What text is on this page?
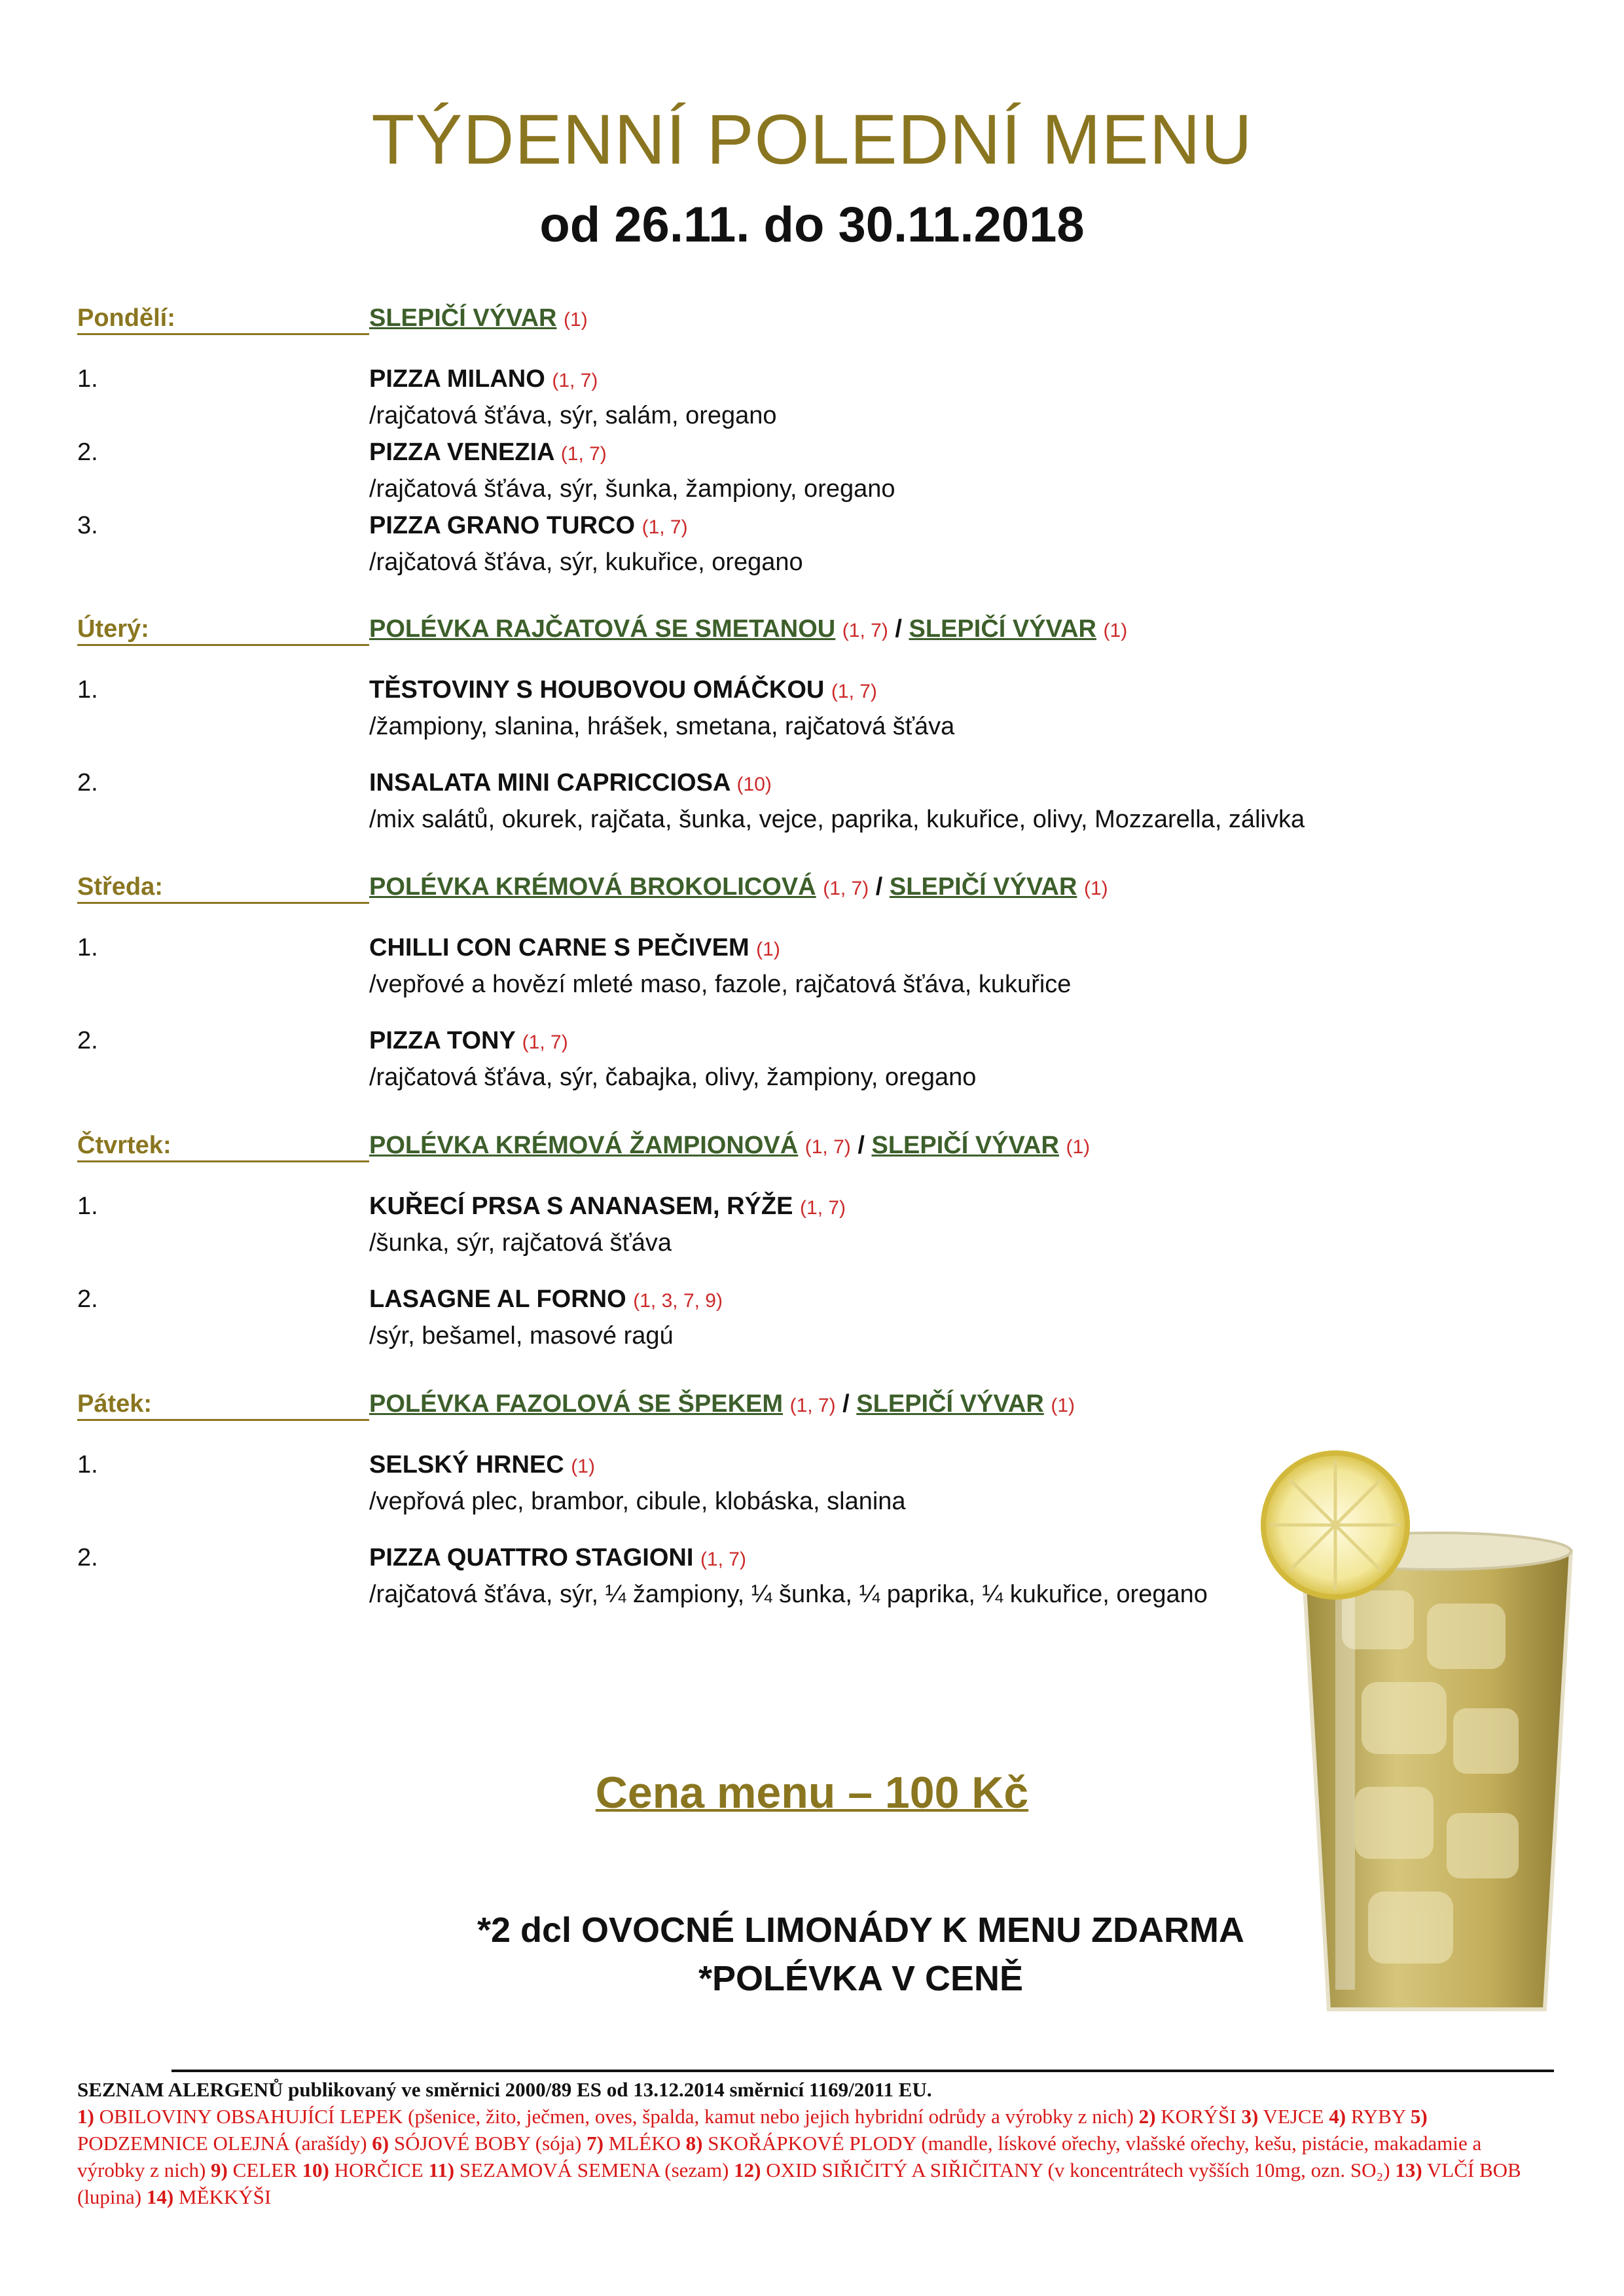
TÝDENNÍ POLEDNÍ MENU
od 26.11. do 30.11.2018
Pondělí:	SLEPIČÍ VÝVAR (1)
1.	PIZZA MILANO (1, 7)
/rajčatová šťáva, sýr, salám, oregano
2.	PIZZA VENEZIA (1, 7)
/rajčatová šťáva, sýr, šunka, žampiony, oregano
3.	PIZZA GRANO TURCO (1, 7)
/rajčatová šťáva, sýr, kukuřice, oregano
Úterý:	POLÉVKA RAJČATOVÁ SE SMETANOU (1, 7) / SLEPIČÍ VÝVAR (1)
1.	TĚSTOVINY S HOUBOVOU OMÁČKOU (1, 7)
/žampiony, slanina, hrášek, smetana, rajčatová šťáva
2.	INSALATA MINI CAPRICCIOSA (10)
/mix salátů, okurek, rajčata, šunka, vejce, paprika, kukuřice, olivy, Mozzarella, zálivka
Středa:	POLÉVKA KRÉMOVÁ BROKOLICOVÁ (1, 7) / SLEPIČÍ VÝVAR (1)
1.	CHILLI CON CARNE S PEČIVEM (1)
/vepřové a hovězí mleté maso, fazole, rajčatová šťáva, kukuřice
2.	PIZZA TONY (1, 7)
/rajčatová šťáva, sýr, čabajka, olivy, žampiony, oregano
Čtvrtek:	POLÉVKA KRÉMOVÁ ŽAMPIONOVÁ (1, 7) / SLEPIČÍ VÝVAR (1)
1.	KUŘECÍ PRSA S ANANASEM, RÝŽE (1, 7)
/šunka, sýr, rajčatová šťáva
2.	LASAGNE AL FORNO (1, 3, 7, 9)
/sýr, bešamel, masové ragú
Pátek:	POLÉVKA FAZOLOVÁ SE ŠPEKEM (1, 7) / SLEPIČÍ VÝVAR (1)
1.	SELSKÝ HRNEC (1)
/vepřová plec, brambor, cibule, klobáska, slanina
2.	PIZZA QUATTRO STAGIONI (1, 7)
/rajčatová šťáva, sýr, ¼ žampiony, ¼ šunka, ¼ paprika, ¼ kukuřice, oregano
Cena menu – 100 Kč
*2 dcl OVOCNÉ LIMONÁDY K MENU ZDARMA
*POLÉVKA V CENĚ
SEZNAM ALERGENŮ publikovaný ve směrnici 2000/89 ES od 13.12.2014 směrnicí 1169/2011 EU.
1) OBILOVINY OBSAHUJÍCÍ LEPEK (pšenice, žito, ječmen, oves, špalda, kamut nebo jejich hybridní odrůdy a výrobky z nich) 2) KORÝŠI 3) VEJCE 4) RYBY 5) PODZEMNICE OLEJNÁ (arašídy) 6) SÓJOVÉ BOBY (sója) 7) MLÉKO 8) SKOŘÁPKOVÉ PLODY (mandle, lískové ořechy, vlašské ořechy, kešu, pistácie, makadamie a výrobky z nich) 9) CELER 10) HORČICE 11) SEZAMOVÁ SEMENA (sezam) 12) OXID SIŘIČITÝ A SIŘIČITANY (v koncentrátech vyšších 10mg, ozn. SO₂) 13) VLČÍ BOB (lupina) 14) MĚKKÝŠI
